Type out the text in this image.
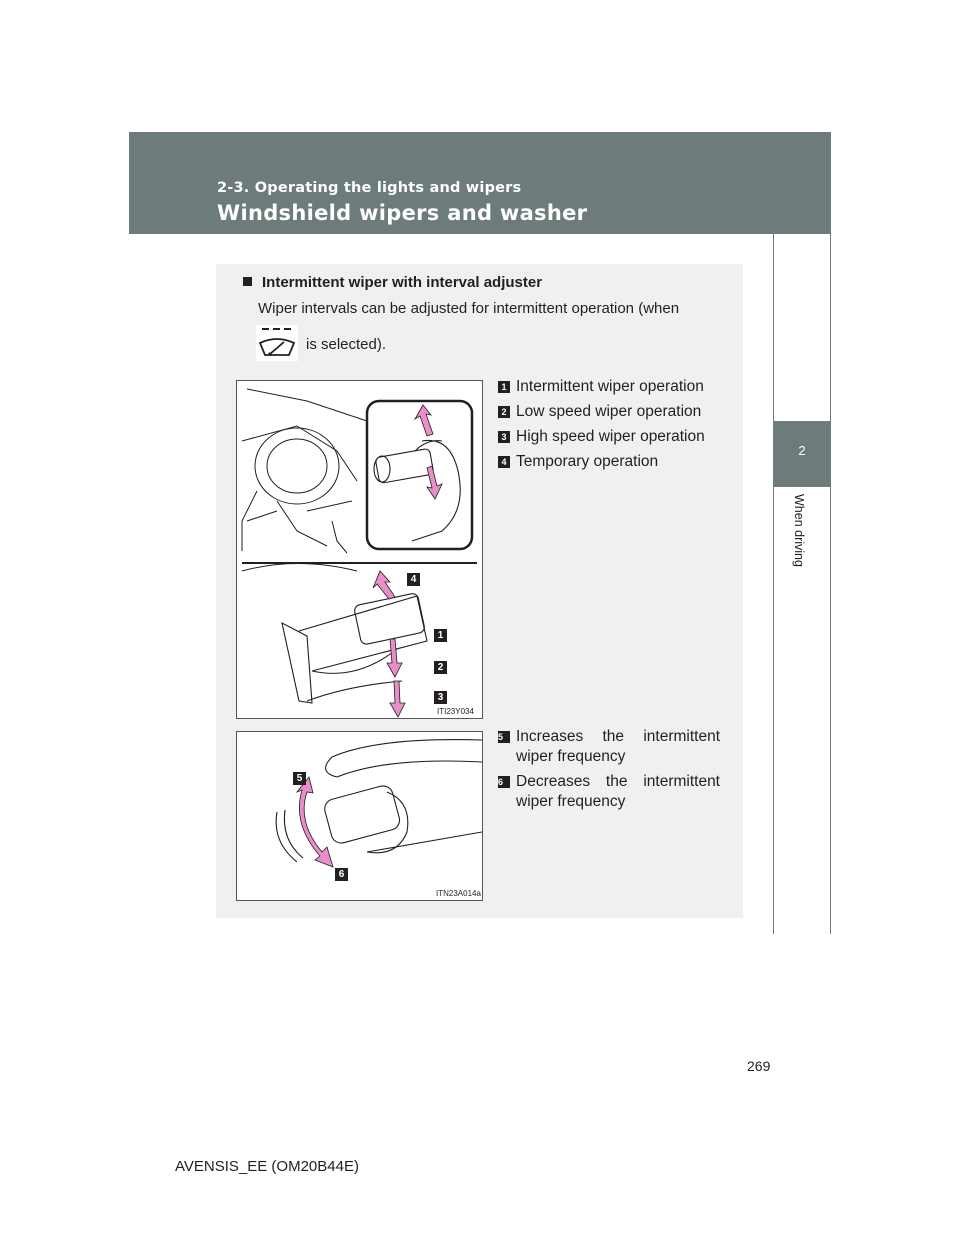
2-3. Operating the lights and wipers
Windshield wipers and washer
2
When driving
Intermittent wiper with interval adjuster
Wiper intervals can be adjusted for intermittent operation (when
is selected).
4
1
2
3
ITI23Y034
1 Intermittent wiper operation
2 Low speed wiper operation
3 High speed wiper operation
4 Temporary operation
5
6
ITN23A014a
5 Increases the intermittent wiper frequency
6 Decreases the intermittent wiper frequency
269
AVENSIS_EE (OM20B44E)
